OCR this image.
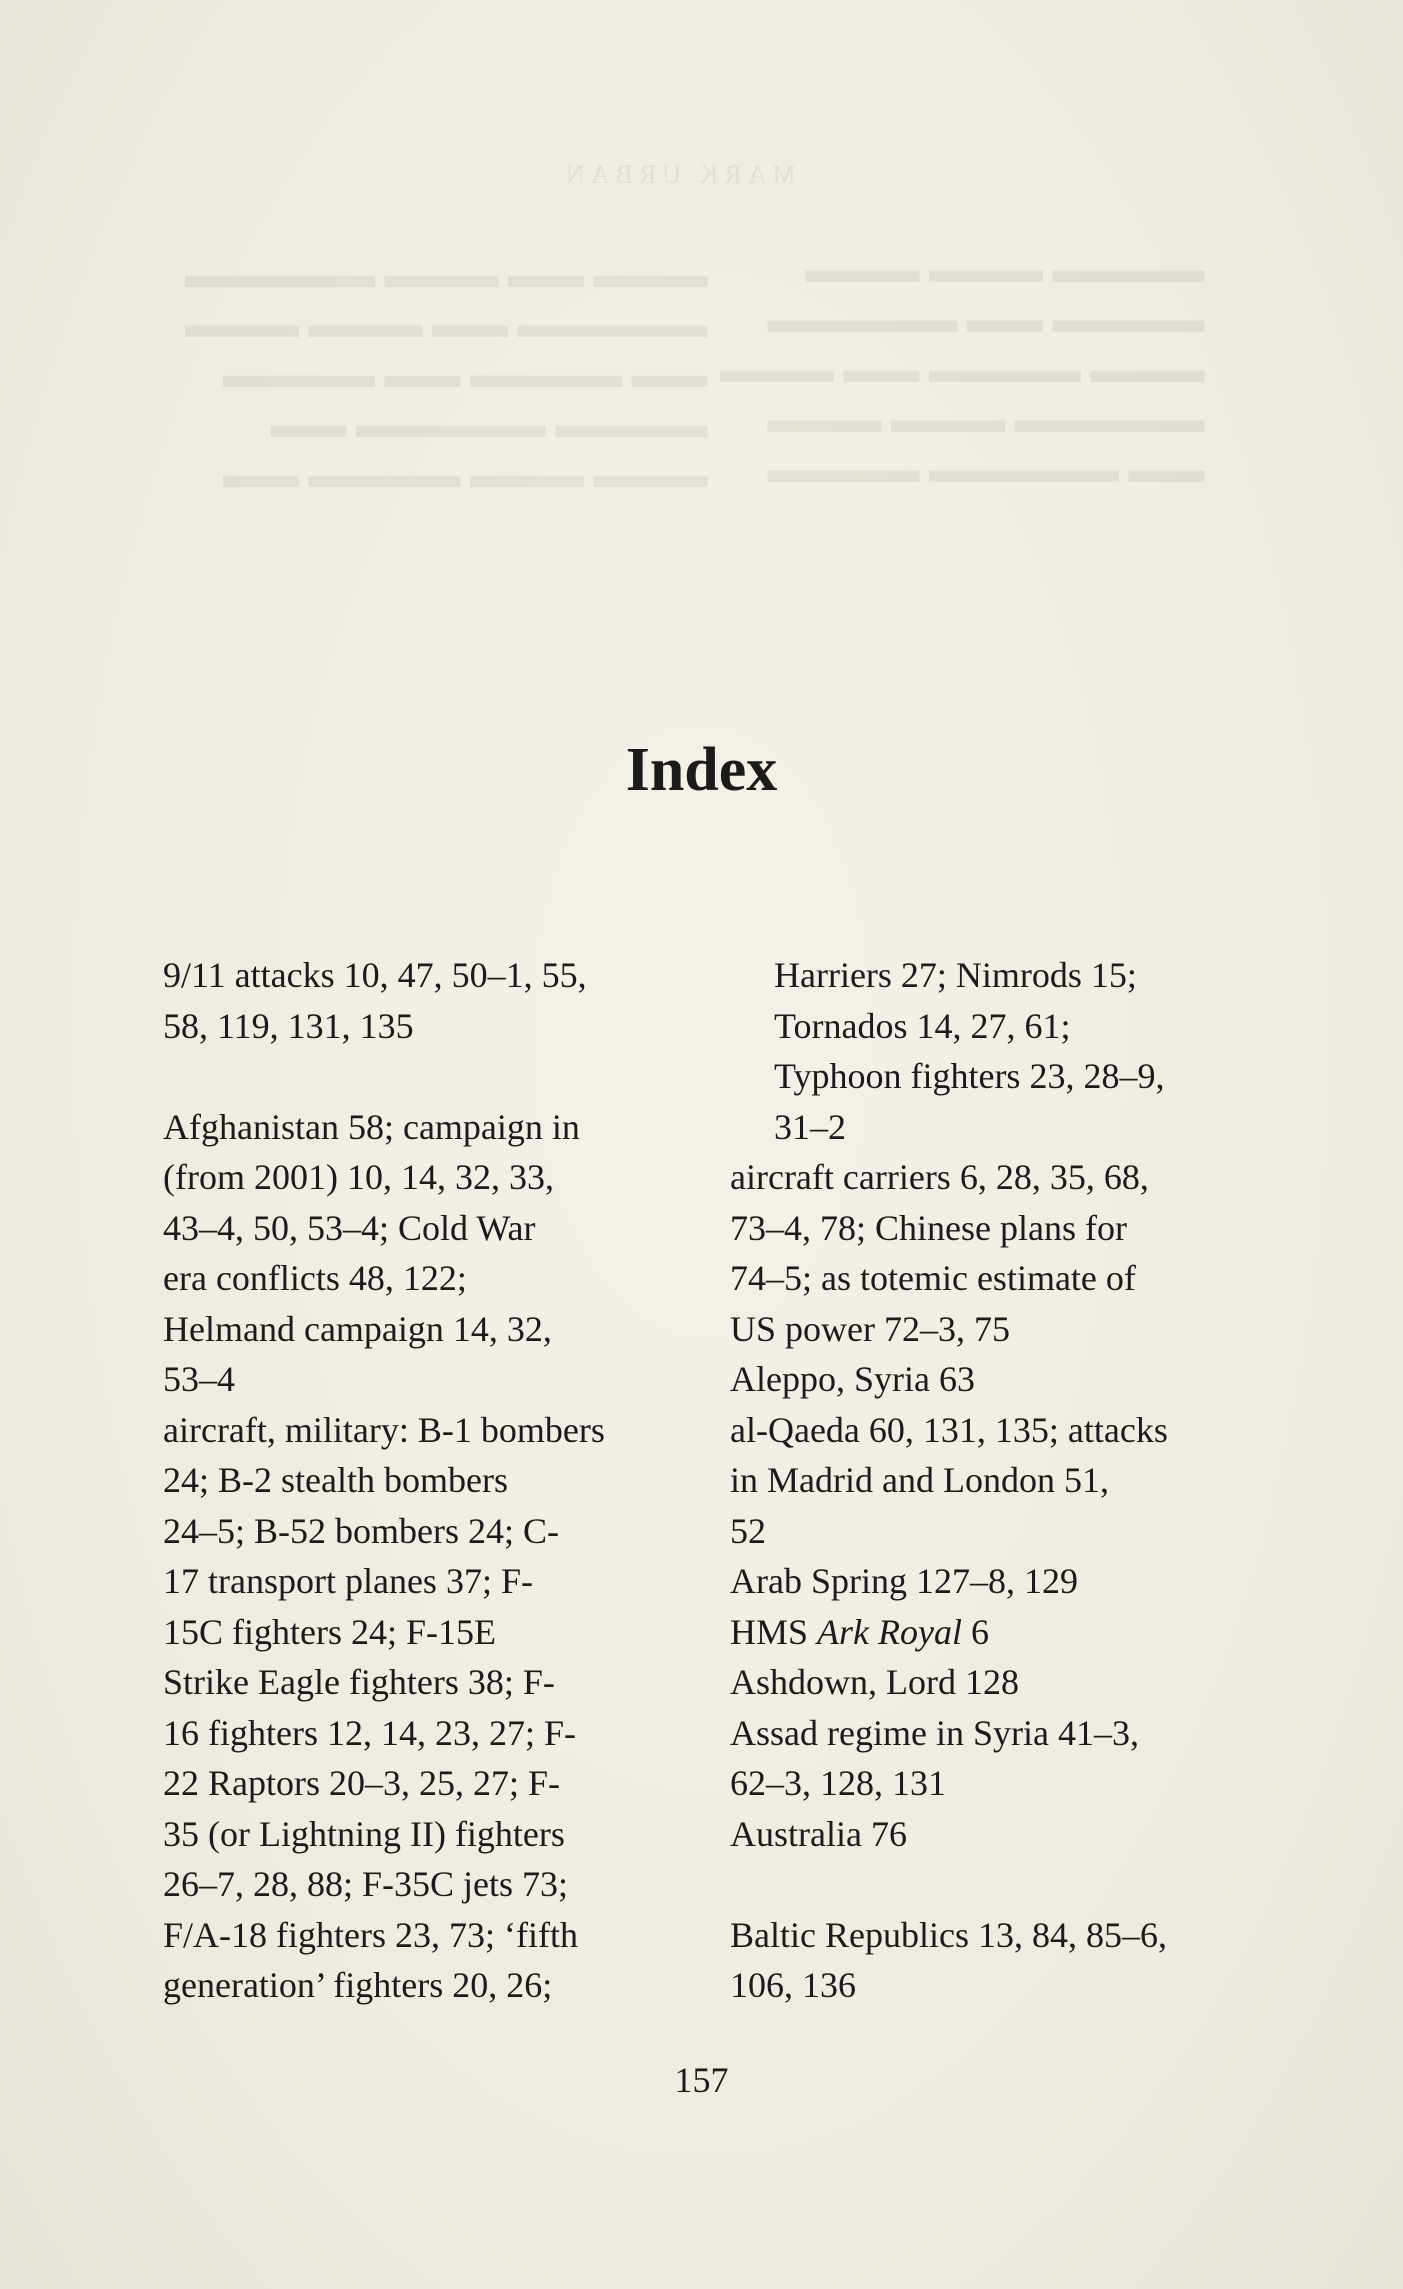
MARK URBAN
▬▬▬ ▬▬ ▬▬▬ ▬▬▬▬▬
▬▬▬▬▬ ▬▬ ▬▬▬ ▬▬▬
▬▬ ▬▬▬▬ ▬▬ ▬▬▬▬
▬▬▬▬ ▬▬▬▬▬ ▬▬
▬▬▬ ▬▬▬ ▬▬▬▬ ▬▬
▬▬▬▬ ▬▬▬ ▬▬▬
▬▬▬▬ ▬▬ ▬▬▬▬▬
▬▬▬ ▬▬▬▬ ▬▬ ▬▬▬
▬▬▬▬▬ ▬▬▬ ▬▬▬
▬▬ ▬▬▬▬▬ ▬▬▬▬
Index

9/11 attacks 10, 47, 50–1, 55,
58, 119, 131, 135

Afghanistan 58; campaign in
(from 2001) 10, 14, 32, 33,
43–4, 50, 53–4; Cold War
era conflicts 48, 122;
Helmand campaign 14, 32,
53–4

aircraft, military: B-1 bombers
24; B-2 stealth bombers
24–5; B-52 bombers 24; C-
17 transport planes 37; F-
15C fighters 24; F-15E
Strike Eagle fighters 38; F-
16 fighters 12, 14, 23, 27; F-
22 Raptors 20–3, 25, 27; F-
35 (or Lightning II) fighters
26–7, 28, 88; F-35C jets 73;
F/A-18 fighters 23, 73; ‘fifth
generation’ fighters 20, 26;

Harriers 27; Nimrods 15;
Tornados 14, 27, 61;
Typhoon fighters 23, 28–9,
31–2

aircraft carriers 6, 28, 35, 68,
73–4, 78; Chinese plans for
74–5; as totemic estimate of
US power 72–3, 75

Aleppo, Syria 63

al-Qaeda 60, 131, 135; attacks
in Madrid and London 51,
52

Arab Spring 127–8, 129

HMS Ark Royal 6

Ashdown, Lord 128

Assad regime in Syria 41–3,
62–3, 128, 131

Australia 76

Baltic Republics 13, 84, 85–6,
106, 136

157
